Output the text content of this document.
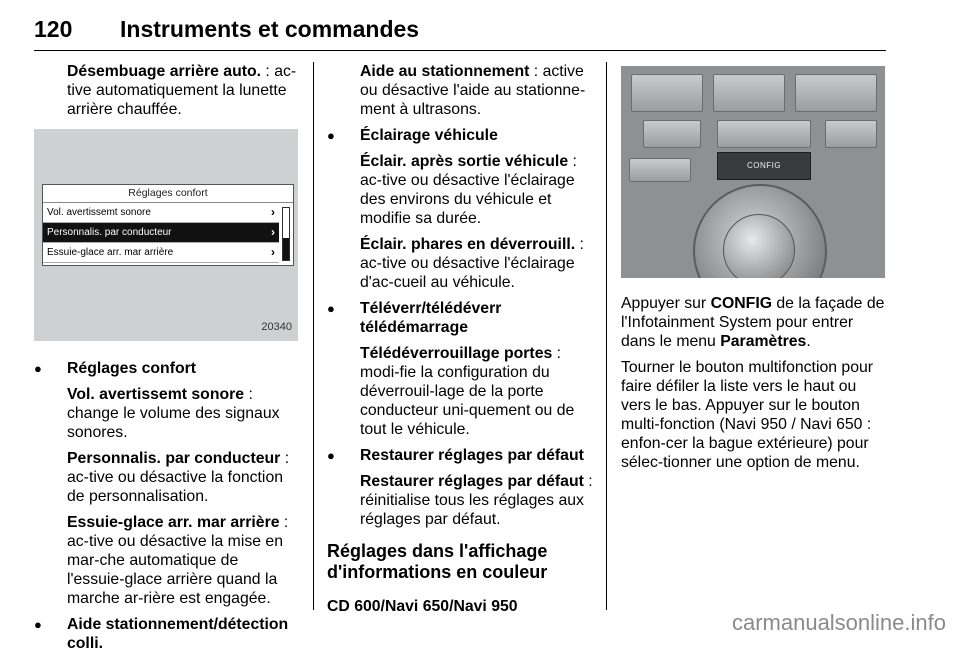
120 Instruments et commandes

Désembuage arrière auto. : ac-tive automatiquement la lunette arrière chauffée.

Réglages confort
Vol. avertissemt sonore	›
Personnalis. par conducteur	›
Essuie-glace arr. mar arrière	›
20340
● Réglages confort

Vol. avertissemt sonore : change le volume des signaux sonores.

Personnalis. par conducteur : ac-tive ou désactive la fonction de personnalisation.

Essuie-glace arr. mar arrière : ac-tive ou désactive la mise en mar-che automatique de l'essuie-glace arrière quand la marche ar-rière est engagée.

● Aide stationnement/détection colli.

Aide au stationnement : active ou désactive l'aide au stationne-ment à ultrasons.

● Éclairage véhicule

Éclair. après sortie véhicule : ac-tive ou désactive l'éclairage des environs du véhicule et modifie sa durée.

Éclair. phares en déverrouill. : ac-tive ou désactive l'éclairage d'ac-cueil au véhicule.

● Téléverr/télédéverr télédémarrage

Télédéverrouillage portes : modi-fie la configuration du déverrouil-lage de la porte conducteur uni-quement ou de tout le véhicule.

● Restaurer réglages par défaut

Restaurer réglages par défaut : réinitialise tous les réglages aux réglages par défaut.

Réglages dans l'affichage d'informations en couleur

CD 600/Navi 650/Navi 950

CONFIG

Appuyer sur CONFIG de la façade de l'Infotainment System pour entrer dans le menu Paramètres.

Tourner le bouton multifonction pour faire défiler la liste vers le haut ou vers le bas. Appuyer sur le bouton multi-fonction (Navi 950 / Navi 650 : enfon-cer la bague extérieure) pour sélec-tionner une option de menu.

carmanualsonline.info
